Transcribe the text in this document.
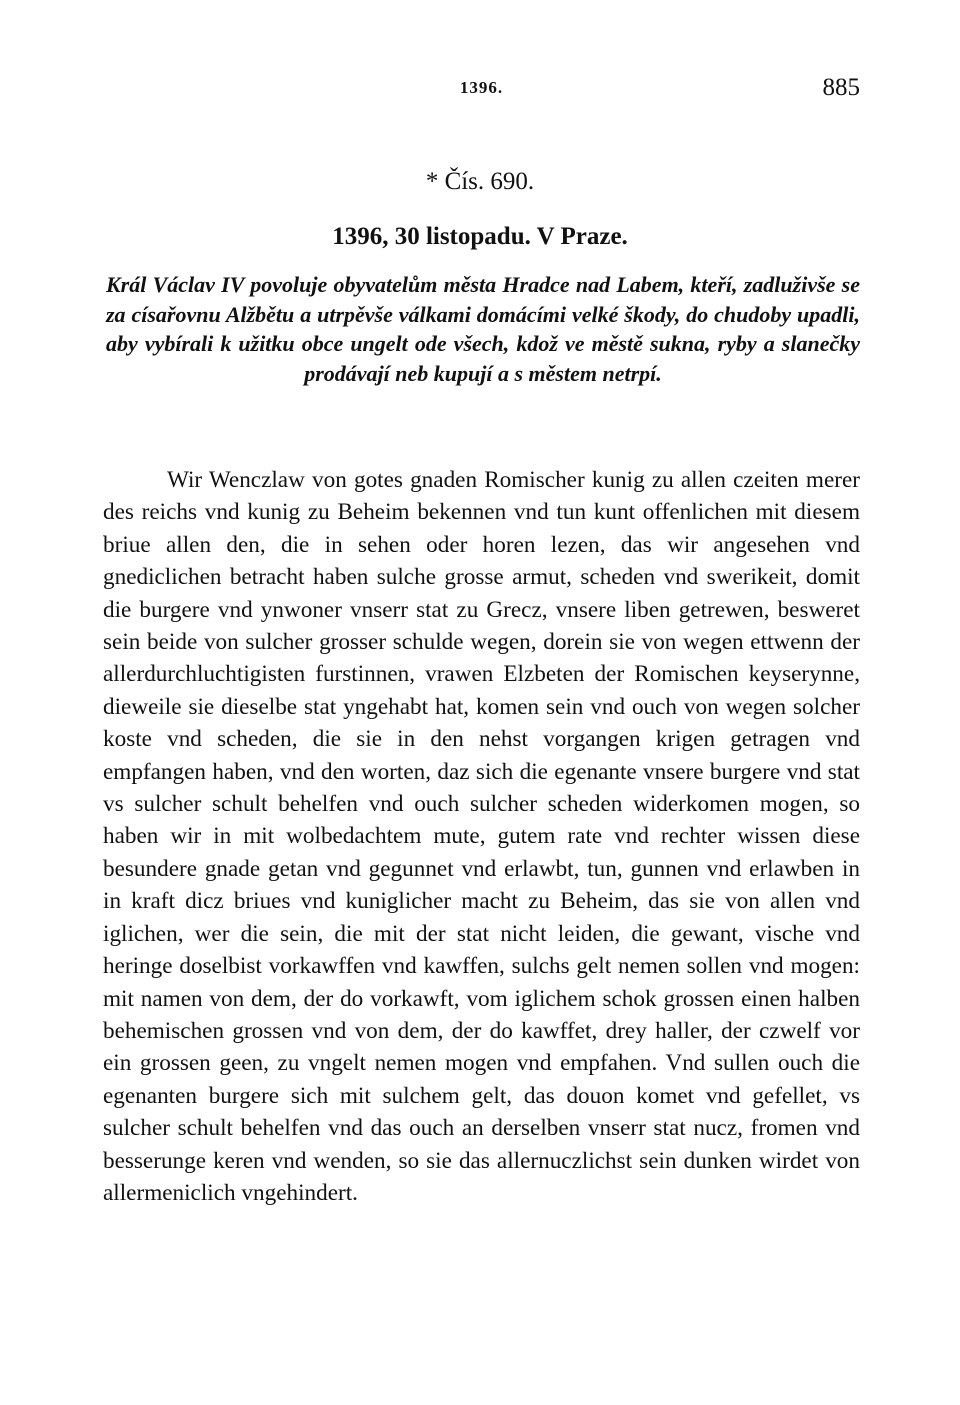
1396.	885
* Čís. 690.
1396, 30 listopadu. V Praze.

Král Václav IV povoluje obyvatelům města Hradce nad Labem, kteří, zadluživše se za císařovnu Alžbětu a utrpěvše válkami domácími velké škody, do chudoby upadli, aby vybírali k užitku obce ungelt ode všech, kdož ve městě sukna, ryby a slanečky prodávají neb kupují a s městem netrpí.

Wir Wenczlaw von gotes gnaden Romischer kunig zu allen czeiten merer des reichs vnd kunig zu Beheim bekennen vnd tun kunt offenlichen mit diesem briue allen den, die in sehen oder horen lezen, das wir angesehen vnd gnediclichen betracht haben sulche grosse armut, scheden vnd swerikeit, domit die burgere vnd ynwoner vnserr stat zu Grecz, vnsere liben getrewen, besweret sein beide von sulcher grosser schulde wegen, dorein sie von wegen ettwenn der allerdurchluchtigisten furstinnen, vrawen Elzbeten der Romischen keyserynne, dieweile sie dieselbe stat yngehabt hat, komen sein vnd ouch von wegen solcher koste vnd scheden, die sie in den nehst vorgangen krigen getragen vnd empfangen haben, vnd den worten, daz sich die egenante vnsere burgere vnd stat vs sulcher schult behelfen vnd ouch sulcher scheden widerkomen mogen, so haben wir in mit wolbedachtem mute, gutem rate vnd rechter wissen diese besundere gnade getan vnd gegunnet vnd erlawbt, tun, gunnen vnd erlawben in in kraft dicz briues vnd kuniglicher macht zu Beheim, das sie von allen vnd iglichen, wer die sein, die mit der stat nicht leiden, die gewant, vische vnd heringe doselbist vorkawffen vnd kawffen, sulchs gelt nemen sollen vnd mogen: mit namen von dem, der do vorkawft, vom iglichem schok grossen einen halben behemischen grossen vnd von dem, der do kawffet, drey haller, der czwelf vor ein grossen geen, zu vngelt nemen mogen vnd empfahen. Vnd sullen ouch die egenanten burgere sich mit sulchem gelt, das douon komet vnd gefellet, vs sulcher schult behelfen vnd das ouch an derselben vnserr stat nucz, fromen vnd besserunge keren vnd wenden, so sie das allernuczlichst sein dunken wirdet von allermeniclich vngehindert.
